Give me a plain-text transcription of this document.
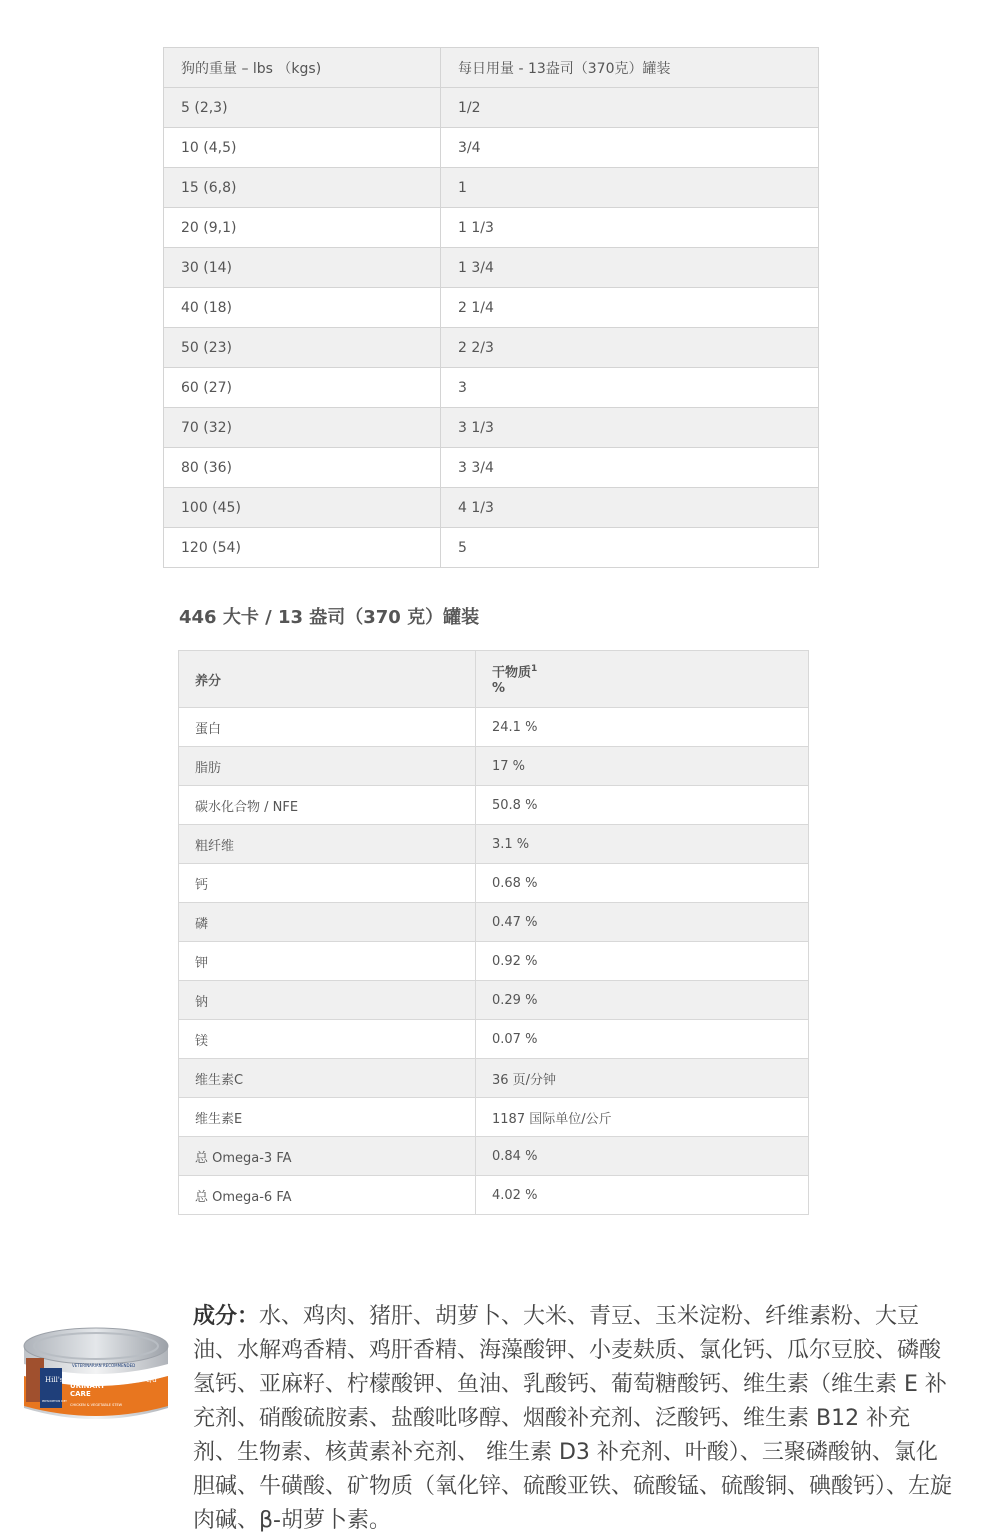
狗的重量 – lbs （kgs)	每日用量 - 13盎司（370克）罐装
5 (2,3)	1/2
10 (4,5)	3/4
15 (6,8)	1
20 (9,1)	1 1/3
30 (14)	1 3/4
40 (18)	2 1/4
50 (23)	2 2/3
60 (27)	3
70 (32)	3 1/3
80 (36)	3 3/4
100 (45)	4 1/3
120 (54)	5
446 大卡 / 13 盎司（370 克）罐装
养分	干物质$^1$
%

蛋白	24.1 %
脂肪	17 %
碳水化合物 / NFE	50.8 %
粗纤维	3.1 %
钙	0.68 %
磷	0.47 %
钾	0.92 %
钠	0.29 %
镁	0.07 %
维生素C	36 页/分钟
维生素E	1187 国际单位/公斤
总 Omega-3 FA	0.84 %
总 Omega-6 FA	4.02 %
Hill's
VETERINARIAN RECOMMENDED
URINARY
CARE
CHICKEN & VEGETABLE STEW
c/d
PRESCRIPTION DIET

成分：水、鸡肉、猪肝、胡萝卜、大米、青豆、玉米淀粉、纤维素粉、大豆油、水解鸡香精、鸡肝香精、海藻酸钾、小麦麸质、氯化钙、瓜尔豆胶、磷酸氢钙、亚麻籽、柠檬酸钾、鱼油、乳酸钙、葡萄糖酸钙、维生素（维生素 E 补充剂、硝酸硫胺素、盐酸吡哆醇、烟酸补充剂、泛酸钙、维生素 B12 补充剂、生物素、核黄素补充剂、 维生素 D3 补充剂、叶酸）、三聚磷酸钠、氯化胆碱、牛磺酸、矿物质（氧化锌、硫酸亚铁、硫酸锰、硫酸铜、碘酸钙）、左旋肉碱、β-胡萝卜素。
